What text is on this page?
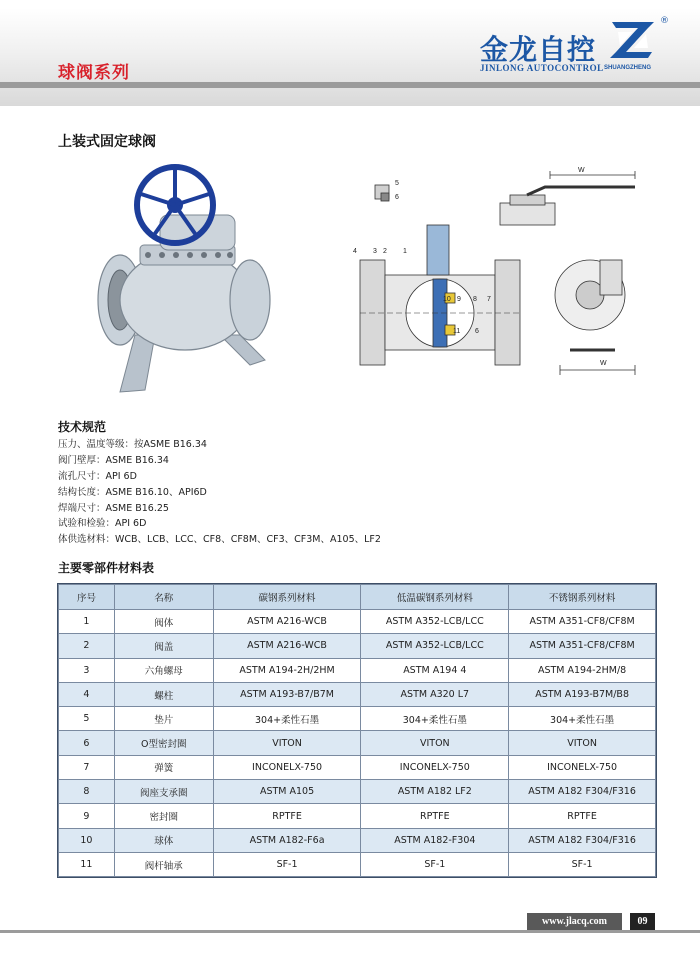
球阀系列
金龙自控
JINLONG AUTOCONTROL SHUANGZHENG
®
上装式固定球阀
W
5
6
4 3 2 1
10 9 8 7
11 6
W
技术规范
压力、温度等级：按ASME B16.34
阀门壁厚：ASME B16.34
流孔尺寸：API 6D
结构长度：ASME B16.10、API6D
焊端尺寸：ASME B16.25
试验和检验：API 6D
体供选材料：WCB、LCB、LCC、CF8、CF8M、CF3、CF3M、A105、LF2
主要零部件材料表
序号	名称	碳钢系列材料	低温碳钢系列材料	不锈钢系列材料
1	阀体	ASTM A216-WCB	ASTM A352-LCB/LCC	ASTM A351-CF8/CF8M
2	阀盖	ASTM A216-WCB	ASTM A352-LCB/LCC	ASTM A351-CF8/CF8M
3	六角螺母	ASTM A194-2H/2HM	ASTM A194 4	ASTM A194-2HM/8
4	螺柱	ASTM A193-B7/B7M	ASTM A320 L7	ASTM A193-B7M/B8
5	垫片	304+柔性石墨	304+柔性石墨	304+柔性石墨
6	O型密封圈	VITON	VITON	VITON
7	弹簧	INCONELX-750	INCONELX-750	INCONELX-750
8	阀座支承圈	ASTM A105	ASTM A182 LF2	ASTM A182 F304/F316
9	密封圈	RPTFE	RPTFE	RPTFE
10	球体	ASTM A182-F6a	ASTM A182-F304	ASTM A182 F304/F316
11	阀杆轴承	SF-1	SF-1	SF-1
www.jlacq.com	09
